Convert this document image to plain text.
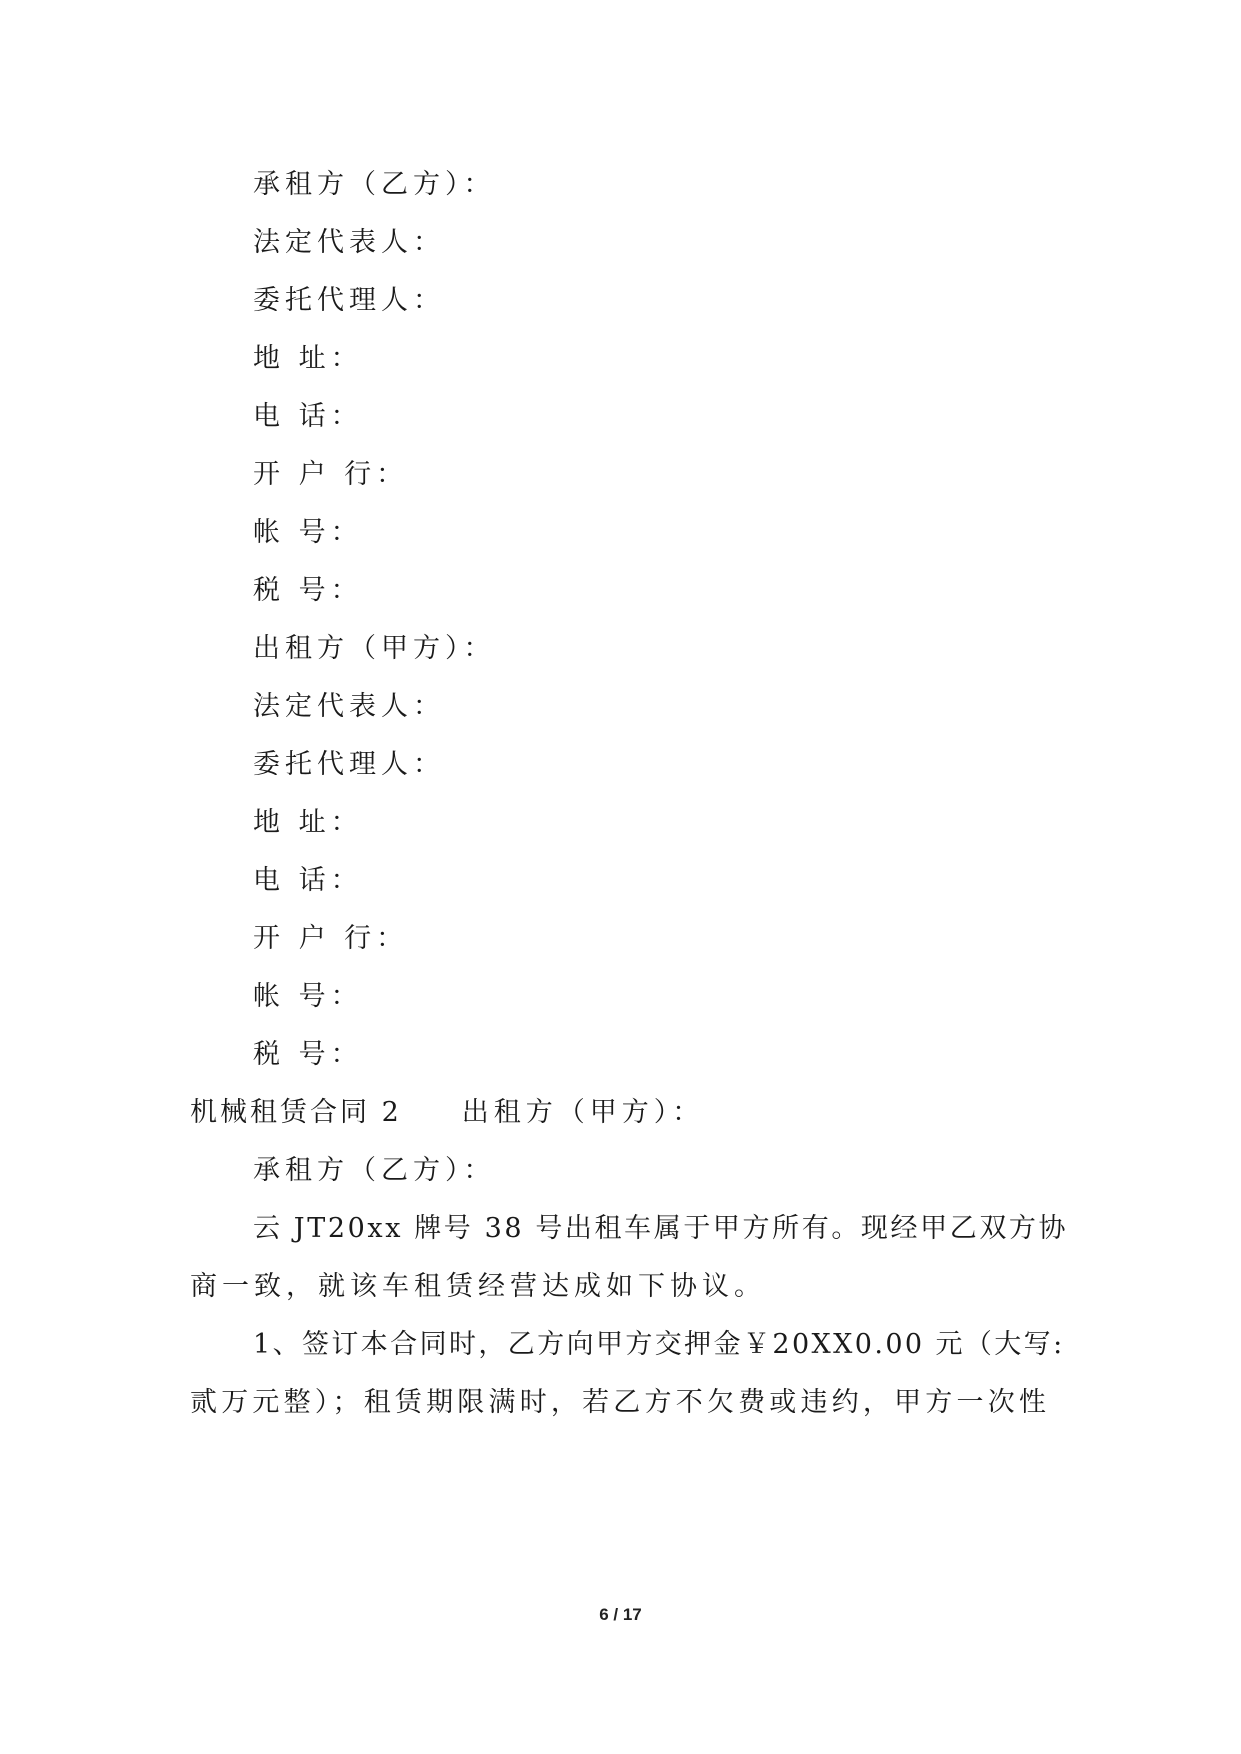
承租方（乙方）：
法定代表人：
委托代理人：
地 址：
电 话：
开 户 行：
帐 号：
税 号：
出租方（甲方）：
法定代表人：
委托代理人：
地 址：
电 话：
开 户 行：
帐 号：
税 号：
机械租赁合同 2 出租方（甲方）：
承租方（乙方）：
云 JT20xx 牌号 38 号出租车属于甲方所有。现经甲乙双方协
商一致，就该车租赁经营达成如下协议。
1、签订本合同时，乙方向甲方交押金￥20XX0.00 元（大写:
贰万元整）；租赁期限满时，若乙方不欠费或违约，甲方一次性
6 / 17
